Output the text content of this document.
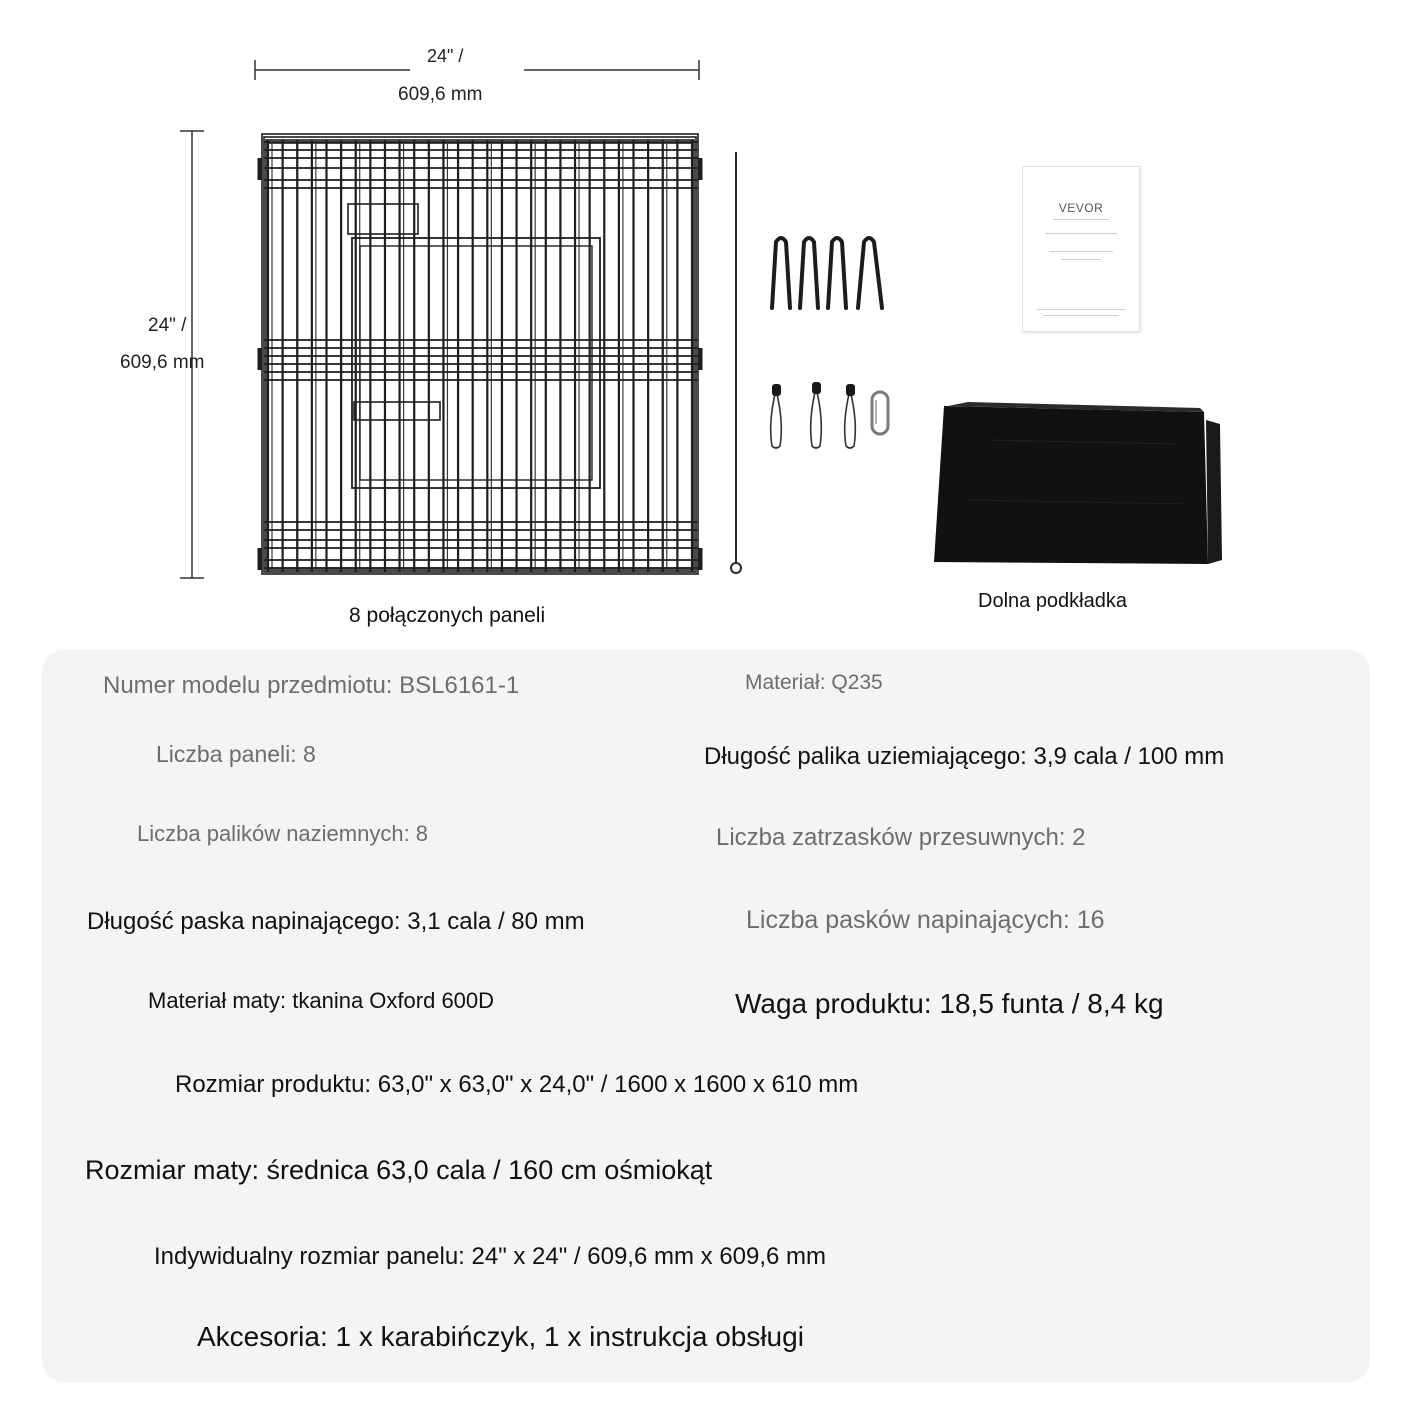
24" /
609,6 mm
24" /
609,6 mm
VEVOR
8 połączonych paneli
Dolna podkładka
Numer modelu przedmiotu: BSL6161-1	Materiał: Q235
Liczba paneli: 8	Długość palika uziemiającego: 3,9 cala / 100 mm
Liczba palików naziemnych: 8	Liczba zatrzasków przesuwnych: 2
Długość paska napinającego: 3,1 cala / 80 mm	Liczba pasków napinających: 16
Materiał maty: tkanina Oxford 600D	Waga produktu: 18,5 funta / 8,4 kg
Rozmiar produktu: 63,0" x 63,0" x 24,0" / 1600 x 1600 x 610 mm
Rozmiar maty: średnica 63,0 cala / 160 cm ośmiokąt
Indywidualny rozmiar panelu: 24" x 24" / 609,6 mm x 609,6 mm
Akcesoria: 1 x karabińczyk, 1 x instrukcja obsługi
